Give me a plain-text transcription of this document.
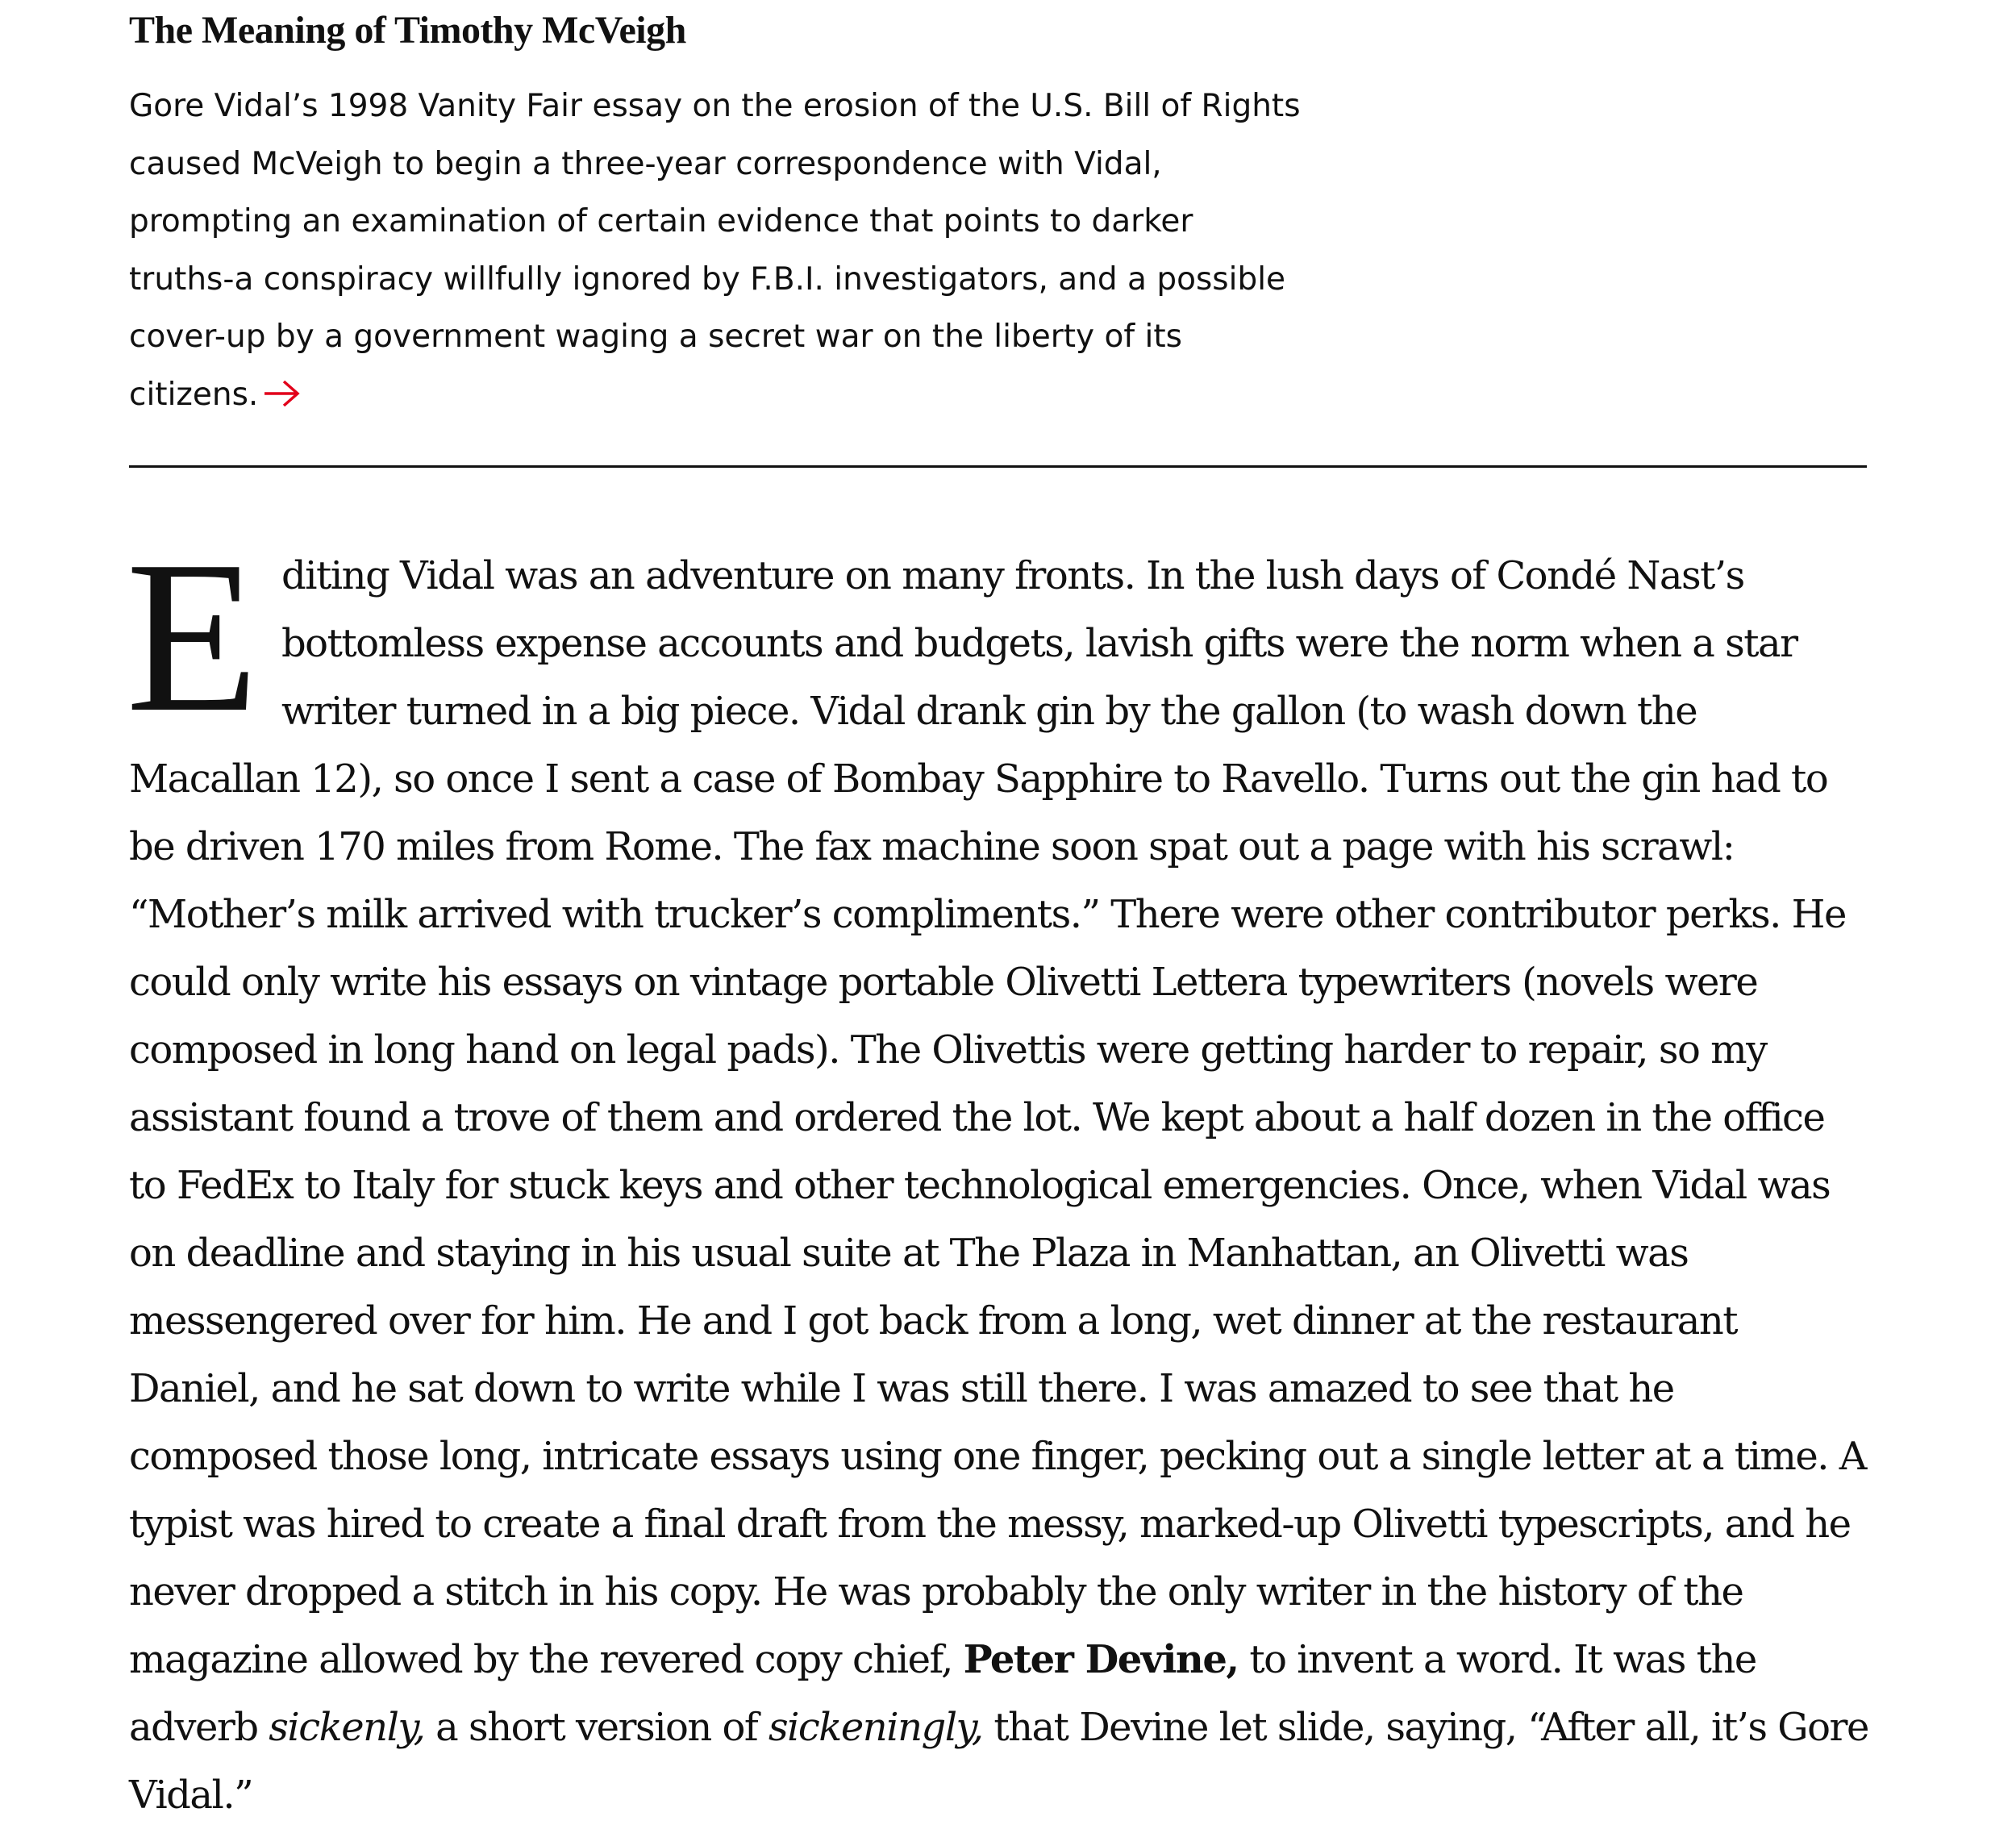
The Meaning of Timothy McVeigh

Gore Vidal’s 1998 Vanity Fair essay on the erosion of the U.S. Bill of Rights caused McVeigh to begin a three-year correspondence with Vidal, prompting an examination of certain evidence that points to darker truths-a conspiracy willfully ignored by F.B.I. investigators, and a possible cover-up by a government waging a secret war on the liberty of its citizens.

Editing Vidal was an adventure on many fronts. In the lush days of Condé Nast’s bottomless expense accounts and budgets, lavish gifts were the norm when a star writer turned in a big piece. Vidal drank gin by the gallon (to wash down the Macallan 12), so once I sent a case of Bombay Sapphire to Ravello. Turns out the gin had to be driven 170 miles from Rome. The fax machine soon spat out a page with his scrawl: “Mother’s milk arrived with trucker’s compliments.” There were other contributor perks. He could only write his essays on vintage portable Olivetti Lettera typewriters (novels were composed in long hand on legal pads). The Olivettis were getting harder to repair, so my assistant found a trove of them and ordered the lot. We kept about a half dozen in the office to FedEx to Italy for stuck keys and other technological emergencies. Once, when Vidal was on deadline and staying in his usual suite at The Plaza in Manhattan, an Olivetti was messengered over for him. He and I got back from a long, wet dinner at the restaurant Daniel, and he sat down to write while I was still there. I was amazed to see that he composed those long, intricate essays using one finger, pecking out a single letter at a time. A typist was hired to create a final draft from the messy, marked-up Olivetti typescripts, and he never dropped a stitch in his copy. He was probably the only writer in the history of the magazine allowed by the revered copy chief, Peter Devine, to invent a word. It was the adverb sickenly, a short version of sickeningly, that Devine let slide, saying, “After all, it’s Gore Vidal.”
